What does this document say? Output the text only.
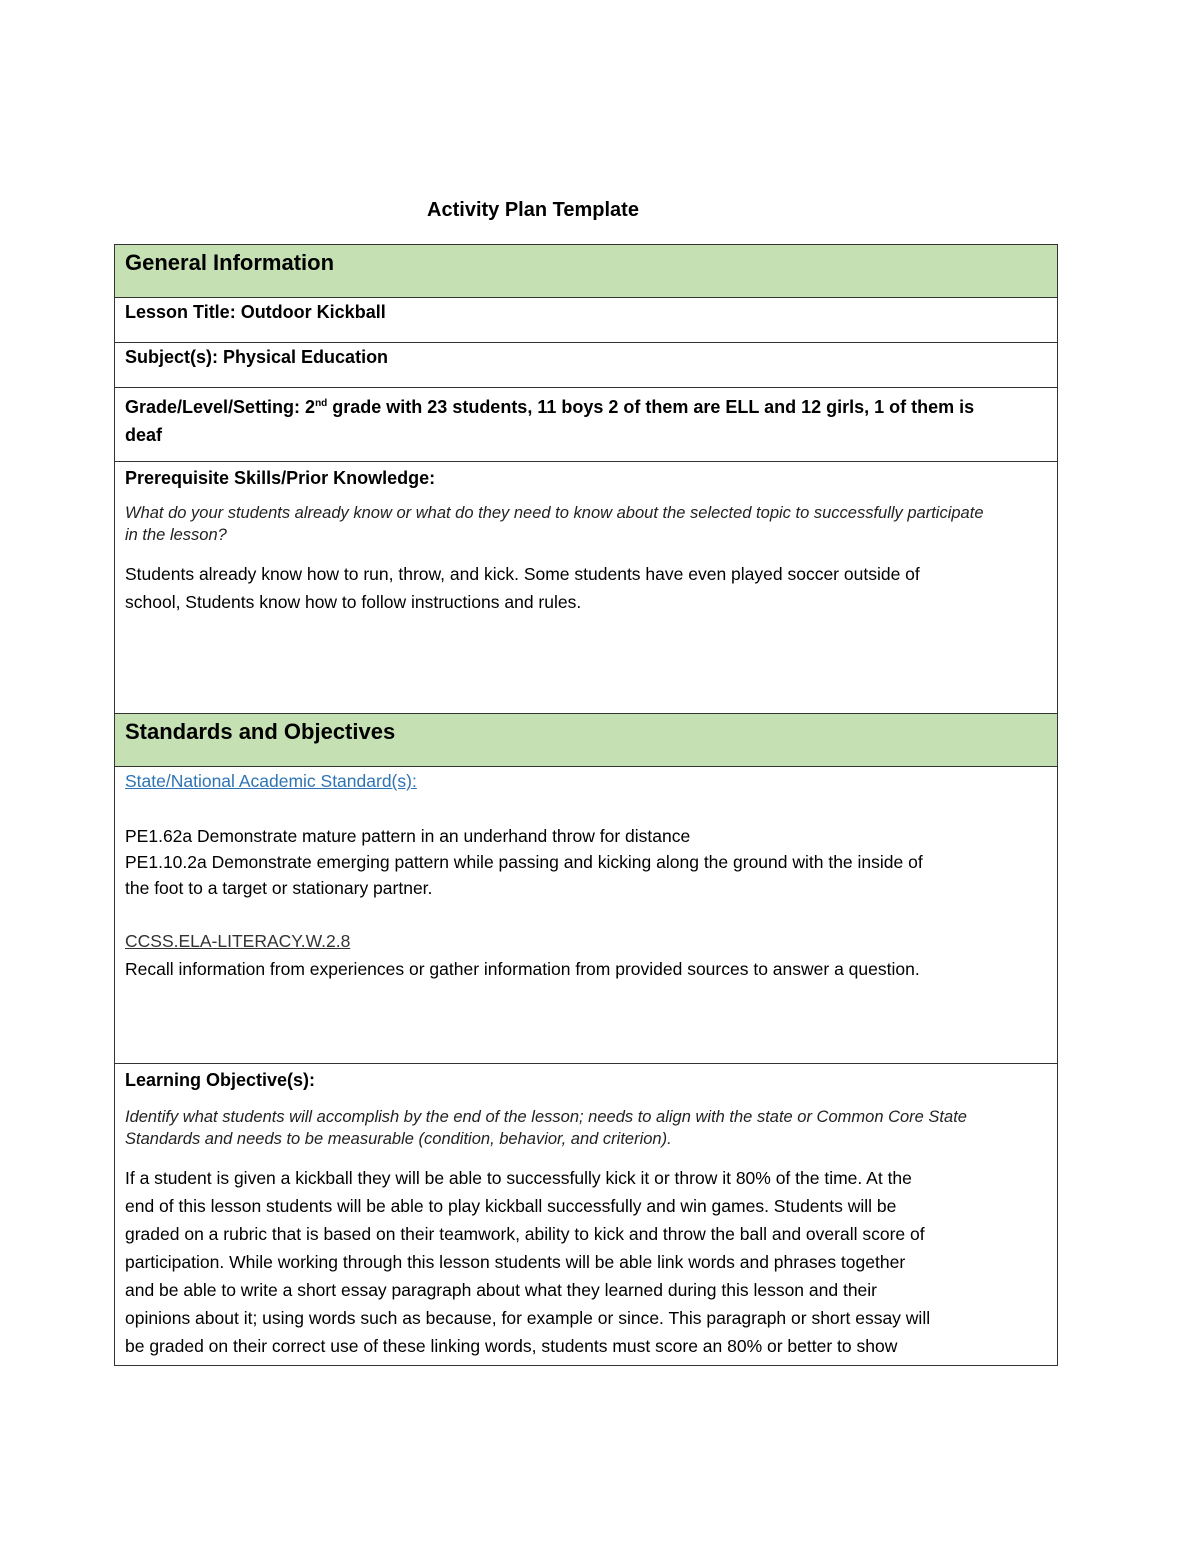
Activity Plan Template
General Information
Lesson Title: Outdoor Kickball
Subject(s): Physical Education
Grade/Level/Setting: 2nd grade with 23 students, 11 boys 2 of them are ELL and 12 girls, 1 of them is
deaf
Prerequisite Skills/Prior Knowledge:
What do your students already know or what do they need to know about the selected topic to successfully participate
in the lesson?
Students already know how to run, throw, and kick. Some students have even played soccer outside of
school, Students know how to follow instructions and rules.
Standards and Objectives
State/National Academic Standard(s):
PE1.62a Demonstrate mature pattern in an underhand throw for distance
PE1.10.2a Demonstrate emerging pattern while passing and kicking along the ground with the inside of
the foot to a target or stationary partner.
CCSS.ELA-LITERACY.W.2.8
Recall information from experiences or gather information from provided sources to answer a question.
Learning Objective(s):
Identify what students will accomplish by the end of the lesson; needs to align with the state or Common Core State
Standards and needs to be measurable (condition, behavior, and criterion).
If a student is given a kickball they will be able to successfully kick it or throw it 80% of the time. At the
end of this lesson students will be able to play kickball successfully and win games. Students will be
graded on a rubric that is based on their teamwork, ability to kick and throw the ball and overall score of
participation. While working through this lesson students will be able link words and phrases together
and be able to write a short essay paragraph about what they learned during this lesson and their
opinions about it; using words such as because, for example or since. This paragraph or short essay will
be graded on their correct use of these linking words, students must score an 80% or better to show
